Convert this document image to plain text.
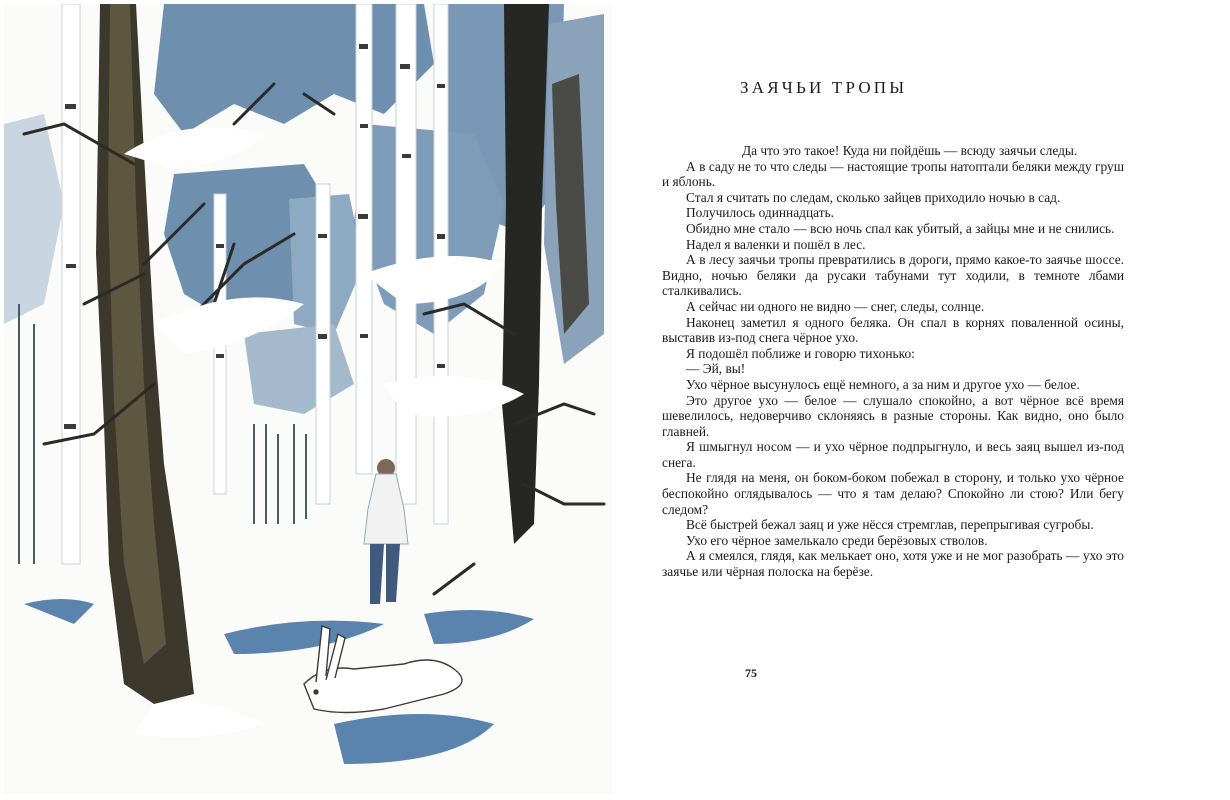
ЗАЯЧЬИ ТРОПЫ

Да что это такое! Куда ни пойдёшь — всюду заячьи следы.

А в саду не то что следы — настоящие тропы натоптали беляки между груш и яблонь.

Стал я считать по следам, сколько зайцев приходило ночью в сад.

Получилось одиннадцать.

Обидно мне стало — всю ночь спал как убитый, а зайцы мне и не снились.

Надел я валенки и пошёл в лес.

А в лесу заячьи тропы превратились в дороги, прямо какое-то заячье шоссе. Видно, ночью беляки да русаки табунами тут ходили, в темноте лбами сталкивались.

А сейчас ни одного не видно — снег, следы, солнце.

Наконец заметил я одного беляка. Он спал в корнях поваленной осины, выставив из-под снега чёрное ухо.

Я подошёл поближе и говорю тихонько:

— Эй, вы!

Ухо чёрное высунулось ещё немного, а за ним и другое ухо — белое.

Это другое ухо — белое — слушало спокойно, а вот чёрное всё время шевелилось, недоверчиво склоняясь в разные стороны. Как видно, оно было главней.

Я шмыгнул носом — и ухо чёрное подпрыгнуло, и весь заяц вышел из-под снега.

Не глядя на меня, он боком-боком побежал в сторону, и только ухо чёрное беспокойно оглядывалось — что я там делаю? Спокойно ли стою? Или бегу следом?

Всё быстрей бежал заяц и уже нёсся стремглав, перепрыгивая сугробы.

Ухо его чёрное замелькало среди берёзовых стволов.

А я смеялся, глядя, как мелькает оно, хотя уже и не мог разобрать — ухо это заячье или чёрная полоска на берёзе.

75
